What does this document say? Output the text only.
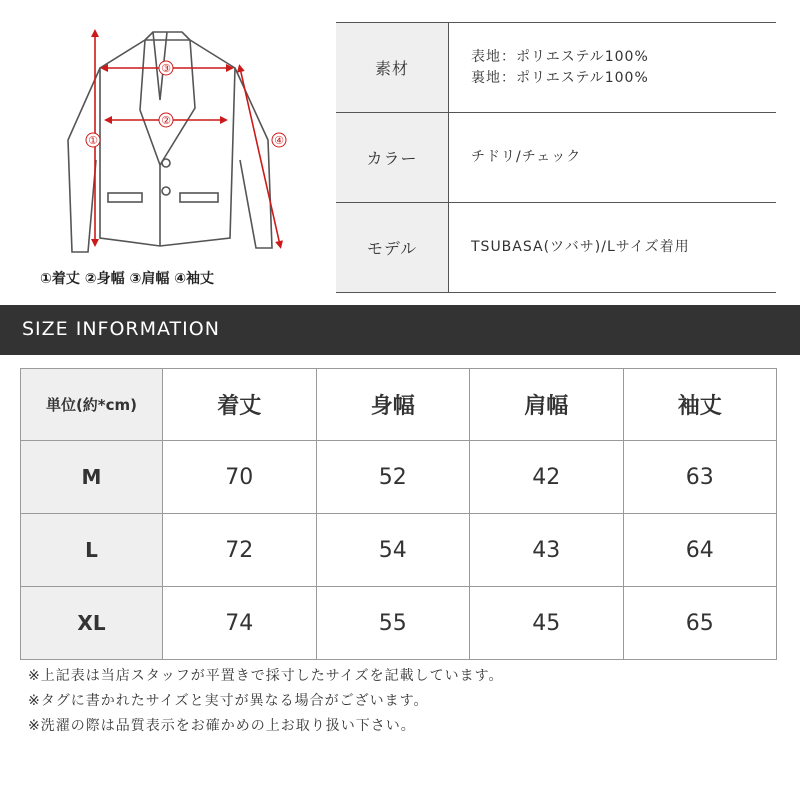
①
②
③
④
①着丈 ②身幅 ③肩幅 ④袖丈
素材	表地：ポリエステル100%
裏地：ポリエステル100%

カラー	チドリ/チェック

モデル	TSUBASA(ツバサ)/Lサイズ着用
SIZE INFORMATION
単位(約*cm)	着丈	身幅	肩幅	袖丈
M	70	52	42	63
L	72	54	43	64
XL	74	55	45	65
※上記表は当店スタッフが平置きで採寸したサイズを記載しています。
※タグに書かれたサイズと実寸が異なる場合がございます。
※洗濯の際は品質表示をお確かめの上お取り扱い下さい。
